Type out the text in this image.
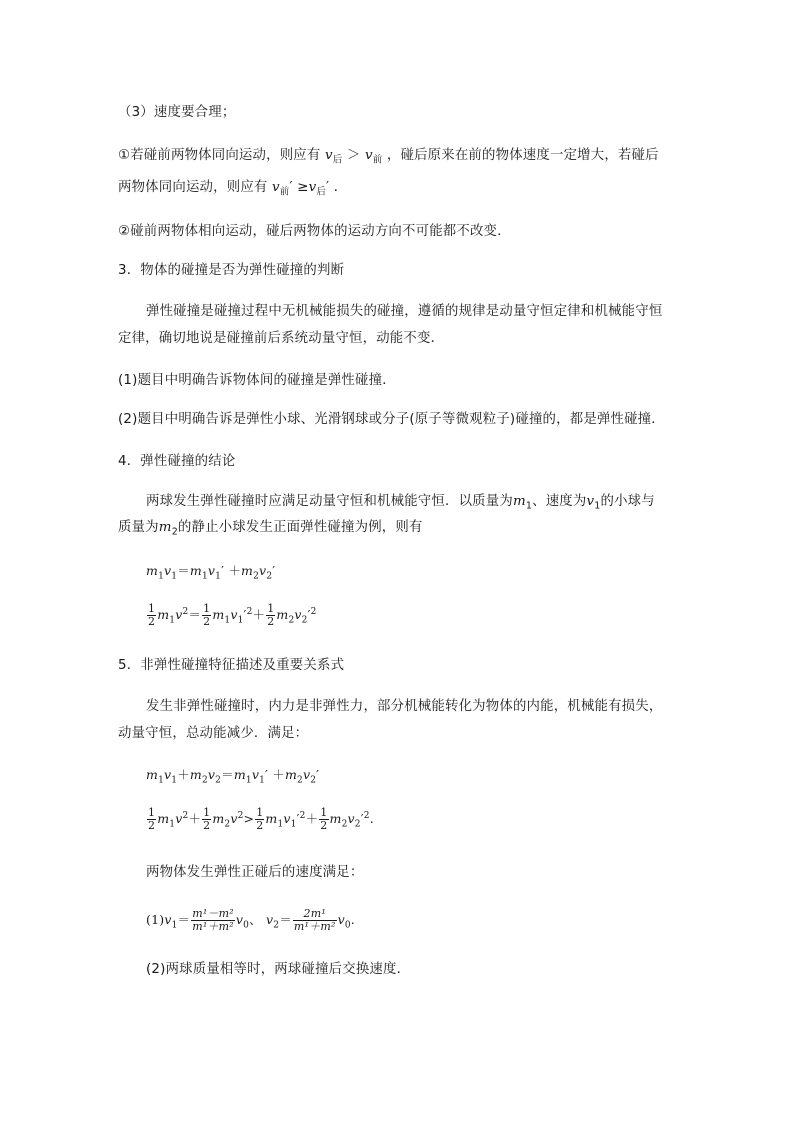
（3）速度要合理；
①若碰前两物体同向运动，则应有 $v_后 > v_前$ ，碰后原来在前的物体速度一定增大，若碰后
两物体同向运动，则应有 $v_前' \ge v_后'$ ．
②碰前两物体相向运动，碰后两物体的运动方向不可能都不改变.
3．物体的碰撞是否为弹性碰撞的判断
弹性碰撞是碰撞过程中无机械能损失的碰撞，遵循的规律是动量守恒定律和机械能守恒
定律，确切地说是碰撞前后系统动量守恒，动能不变．
(1)题目中明确告诉物体间的碰撞是弹性碰撞．
(2)题目中明确告诉是弹性小球、光滑钢球或分子(原子等微观粒子)碰撞的，都是弹性碰撞．
4．弹性碰撞的结论
两球发生弹性碰撞时应满足动量守恒和机械能守恒．以质量为$m_1$、速度为$v_1$的小球与
质量为$m_2$的静止小球发生正面弹性碰撞为例，则有
$m_1v_1=m_1v_1' +m_2v_2'$
$\frac{1}{2} m_1v^2= \frac{1}{2} m_1v_1'^2+ \frac{1}{2} m_2v_2'^2$
5．非弹性碰撞特征描述及重要关系式
发生非弹性碰撞时，内力是非弹性力，部分机械能转化为物体的内能，机械能有损失，
动量守恒，总动能减少．满足：
$m_1v_1+m_2v_2=m_1v_1' +m_2v_2'$
$\frac{1}{2} m_1v^2+ \frac{1}{2} m_2v^2> \frac{1}{2} m_1v_1'^2+ \frac{1}{2} m_2v_2'^2$.
两物体发生弹性正碰后的速度满足：
$(1)v_1= \frac{\text{m¹－m²}}{\text{m¹＋m²}} v_0$、 $v_2= \frac{\text{2m¹}}{\text{m¹＋m²}} v_0$.
(2)两球质量相等时，两球碰撞后交换速度．
